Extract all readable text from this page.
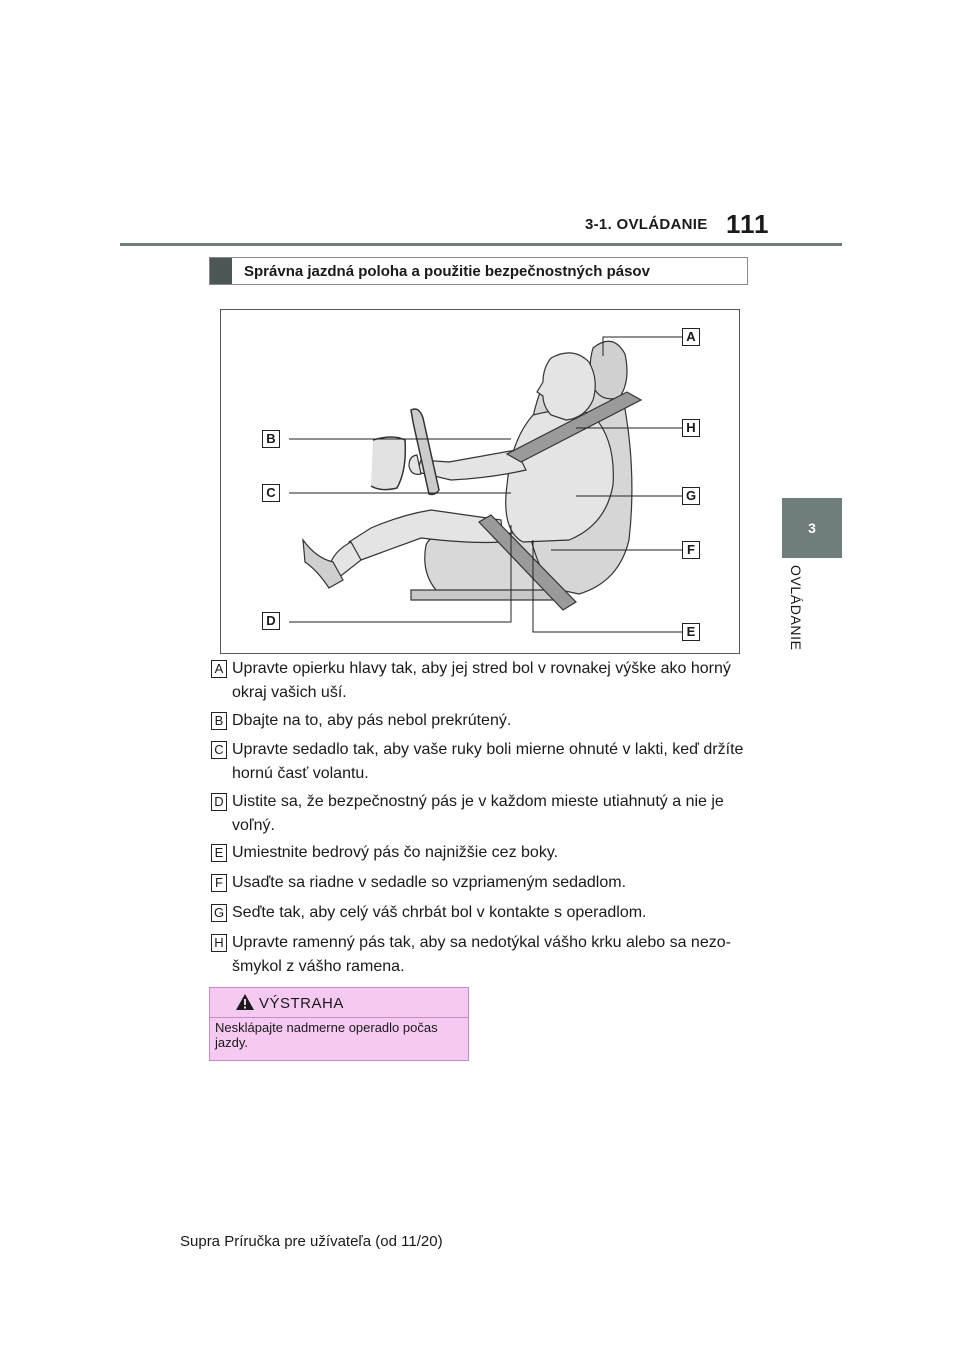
3-1. OVLÁDANIE 111
3
OVLÁDANIE
Správna jazdná poloha a použitie bezpečnostných pásov
A
B
C
D
E
F
G
H
A Upravte opierku hlavy tak, aby jej stred bol v rovnakej výške ako horný okraj vašich uší.
B Dbajte na to, aby pás nebol prekrútený.
C Upravte sedadlo tak, aby vaše ruky boli mierne ohnuté v lakti, keď držíte hornú časť volantu.
D Uistite sa, že bezpečnostný pás je v každom mieste utiahnutý a nie je voľný.
E Umiestnite bedrový pás čo najnižšie cez boky.
F Usaďte sa riadne v sedadle so vzpriameným sedadlom.
G Seďte tak, aby celý váš chrbát bol v kontakte s operadlom.
H Upravte ramenný pás tak, aby sa nedotýkal vášho krku alebo sa nezo-šmykol z vášho ramena.
VÝSTRAHA
Nesklápajte nadmerne operadlo počas jazdy.
Supra Príručka pre užívateľa (od 11/20)
